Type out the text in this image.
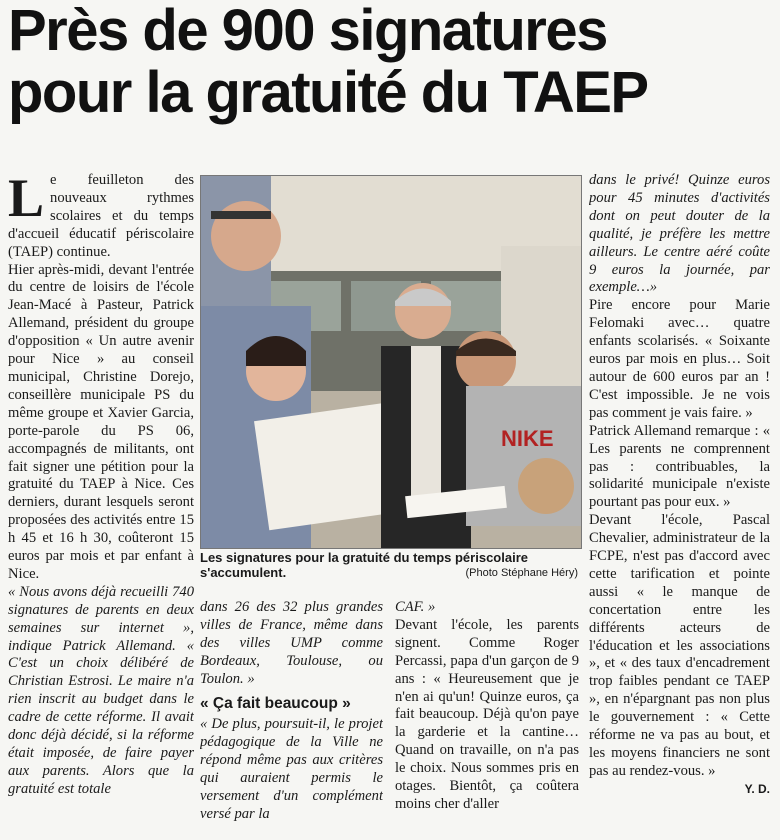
Près de 900 signatures
pour la gratuité du TAEP
L e feuilleton des nouveaux rythmes scolaires et du temps d'accueil éducatif périscolaire (TAEP) continue.

Hier après-midi, devant l'entrée du centre de loisirs de l'école Jean-Macé à Pasteur, Patrick Allemand, président du groupe d'opposition « Un autre avenir pour Nice » au conseil municipal, Christine Dorejo, conseillère municipale PS du même groupe et Xavier Garcia, porte-parole du PS 06, accompagnés de militants, ont fait signer une pétition pour la gratuité du TAEP à Nice. Ces derniers, durant lesquels seront proposées des activités entre 15 h 45 et 16 h 30, coûteront 15 euros par mois et par enfant à Nice.

« Nous avons déjà recueilli 740 signatures de parents en deux semaines sur internet », indique Patrick Allemand. « C'est un choix délibéré de Christian Estrosi. Le maire n'a rien inscrit au budget dans le cadre de cette réforme. Il avait donc déjà décidé, si la réforme était imposée, de faire payer aux parents. Alors que la gratuité est totale

NIKE
Les signatures pour la gratuité du temps périscolaire s'accumulent.	(Photo Stéphane Héry)

dans 26 des 32 plus grandes villes de France, même dans des villes UMP comme Bordeaux, Toulouse, ou Toulon. »

« Ça fait beaucoup »

« De plus, poursuit-il, le projet pédagogique de la Ville ne répond même pas aux critères qui auraient permis le versement d'un complément versé par la

CAF. »

Devant l'école, les parents signent. Comme Roger Percassi, papa d'un garçon de 9 ans : « Heureusement que je n'en ai qu'un! Quinze euros, ça fait beaucoup. Déjà qu'on paye la garderie et la cantine… Quand on travaille, on n'a pas le choix. Nous sommes pris en otages. Bientôt, ça coûtera moins cher d'aller

dans le privé! Quinze euros pour 45 minutes d'activités dont on peut douter de la qualité, je préfère les mettre ailleurs. Le centre aéré coûte 9 euros la journée, par exemple…»

Pire encore pour Marie Felomaki avec… quatre enfants scolarisés. « Soixante euros par mois en plus… Soit autour de 600 euros par an ! C'est impossible. Je ne vois pas comment je vais faire. »

Patrick Allemand remarque : « Les parents ne comprennent pas : contribuables, la solidarité municipale n'existe pourtant pas pour eux. »

Devant l'école, Pascal Chevalier, administrateur de la FCPE, n'est pas d'accord avec cette tarification et pointe aussi « le manque de concertation entre les différents acteurs de l'éducation et les associations », et « des taux d'encadrement trop faibles pendant ce TAEP », en n'épargnant pas non plus le gouvernement : « Cette réforme ne va pas au bout, et les moyens financiers ne sont pas au rendez-vous. »

Y. D.
